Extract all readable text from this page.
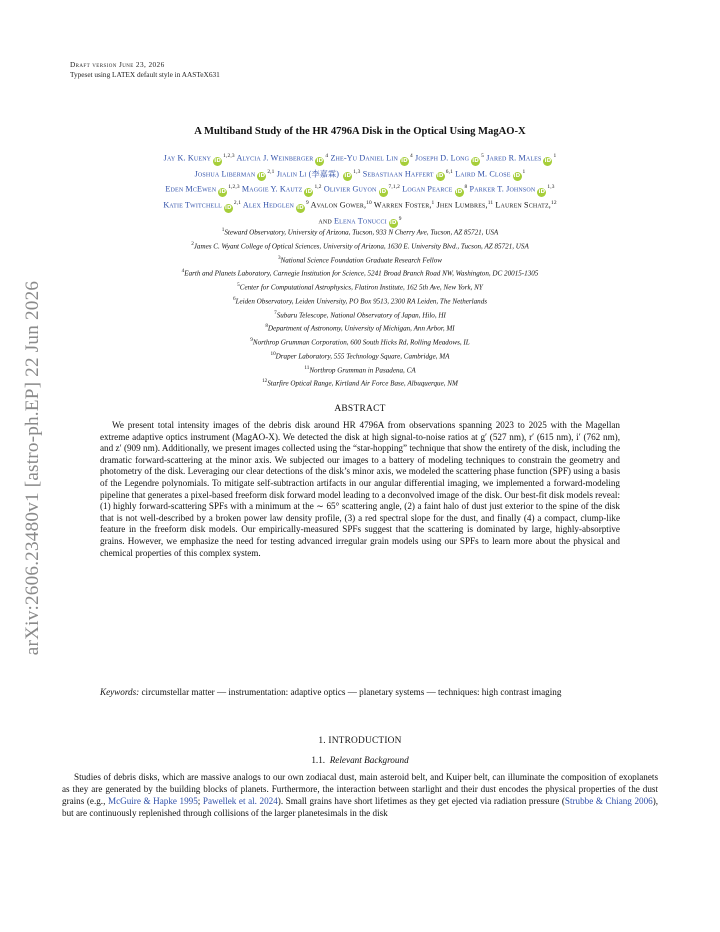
arXiv:2606.23480v1 [astro-ph.EP] 22 Jun 2026
Draft version June 23, 2026
Typeset using LATEX default style in AASTeX631
A Multiband Study of the HR 4796A Disk in the Optical Using MagAO-X
Jay K. Kueny iD$^{1,2,3}$ Alycia J. Weinberger $iD^4$ Zhe-Yu Daniel Lin $iD^4$ Joseph D. Long $iD^5$ Jared R. Males $iD^1$
Joshua Liberman iD$^{2,1}$ Jialin Li (李嘉霖) iD$^{1,3}$ Sebastiaan Haffert iD$^{6,1}$ Laird M. Close $iD^1$
Eden McEwen iD$^{1,2,3}$ Maggie Y. Kautz iD$^{1,2}$ Olivier Guyon iD$^{7,1,2}$ Logan Pearce $iD^8$ Parker T. Johnson iD$^{1,3}$
Katie Twitchell iD$^{2,1}$ Alex Hedglen $iD^9$ Avalon Gower,$^{10}$ Warren Foster,$^1$ Jhen Lumbres,$^{11}$ Lauren Schatz,$^{12}$
and Elena Tonucci $iD^9$
$^1$Steward Observatory, University of Arizona, Tucson, 933 N Cherry Ave, Tucson, AZ 85721, USA
$^2$James C. Wyant College of Optical Sciences, University of Arizona, 1630 E. University Blvd., Tucson, AZ 85721, USA
$^3$National Science Foundation Graduate Research Fellow
$^4$Earth and Planets Laboratory, Carnegie Institution for Science, 5241 Broad Branch Road NW, Washington, DC 20015-1305
$^5$Center for Computational Astrophysics, Flatiron Institute, 162 5th Ave, New York, NY
$^6$Leiden Observatory, Leiden University, PO Box 9513, 2300 RA Leiden, The Netherlands
$^7$Subaru Telescope, National Observatory of Japan, Hilo, HI
$^8$Department of Astronomy, University of Michigan, Ann Arbor, MI
$^9$Northrop Grumman Corporation, 600 South Hicks Rd, Rolling Meadows, IL
$^{10}$Draper Laboratory, 555 Technology Square, Cambridge, MA
$^{11}$Northrop Grumman in Pasadena, CA
$^{12}$Starfire Optical Range, Kirtland Air Force Base, Albuquerque, NM
ABSTRACT
We present total intensity images of the debris disk around HR 4796A from observations spanning 2023 to 2025 with the Magellan extreme adaptive optics instrument (MagAO-X). We detected the disk at high signal-to-noise ratios at g′ (527 nm), r′ (615 nm), i′ (762 nm), and z′ (909 nm). Additionally, we present images collected using the “star-hopping” technique that show the entirety of the disk, including the dramatic forward-scattering at the minor axis. We subjected our images to a battery of modeling techniques to constrain the geometry and photometry of the disk. Leveraging our clear detections of the disk’s minor axis, we modeled the scattering phase function (SPF) using a basis of the Legendre polynomials. To mitigate self-subtraction artifacts in our angular differential imaging, we implemented a forward-modeling pipeline that generates a pixel-based freeform disk forward model leading to a deconvolved image of the disk. Our best-fit disk models reveal: (1) highly forward-scattering SPFs with a minimum at the ∼ 65° scattering angle, (2) a faint halo of dust just exterior to the spine of the disk that is not well-described by a broken power law density profile, (3) a red spectral slope for the dust, and finally (4) a compact, clump-like feature in the freeform disk models. Our empirically-measured SPFs suggest that the scattering is dominated by large, highly-absorptive grains. However, we emphasize the need for testing advanced irregular grain models using our SPFs to learn more about the physical and chemical properties of this complex system.
Keywords: circumstellar matter — instrumentation: adaptive optics — planetary systems — techniques: high contrast imaging
1. INTRODUCTION
1.1. Relevant Background
Studies of debris disks, which are massive analogs to our own zodiacal dust, main asteroid belt, and Kuiper belt, can illuminate the composition of exoplanets as they are generated by the building blocks of planets. Furthermore, the interaction between starlight and their dust encodes the physical properties of the dust grains (e.g., McGuire & Hapke 1995; Pawellek et al. 2024). Small grains have short lifetimes as they get ejected via radiation pressure (Strubbe & Chiang 2006), but are continuously replenished through collisions of the larger planetesimals in the disk
